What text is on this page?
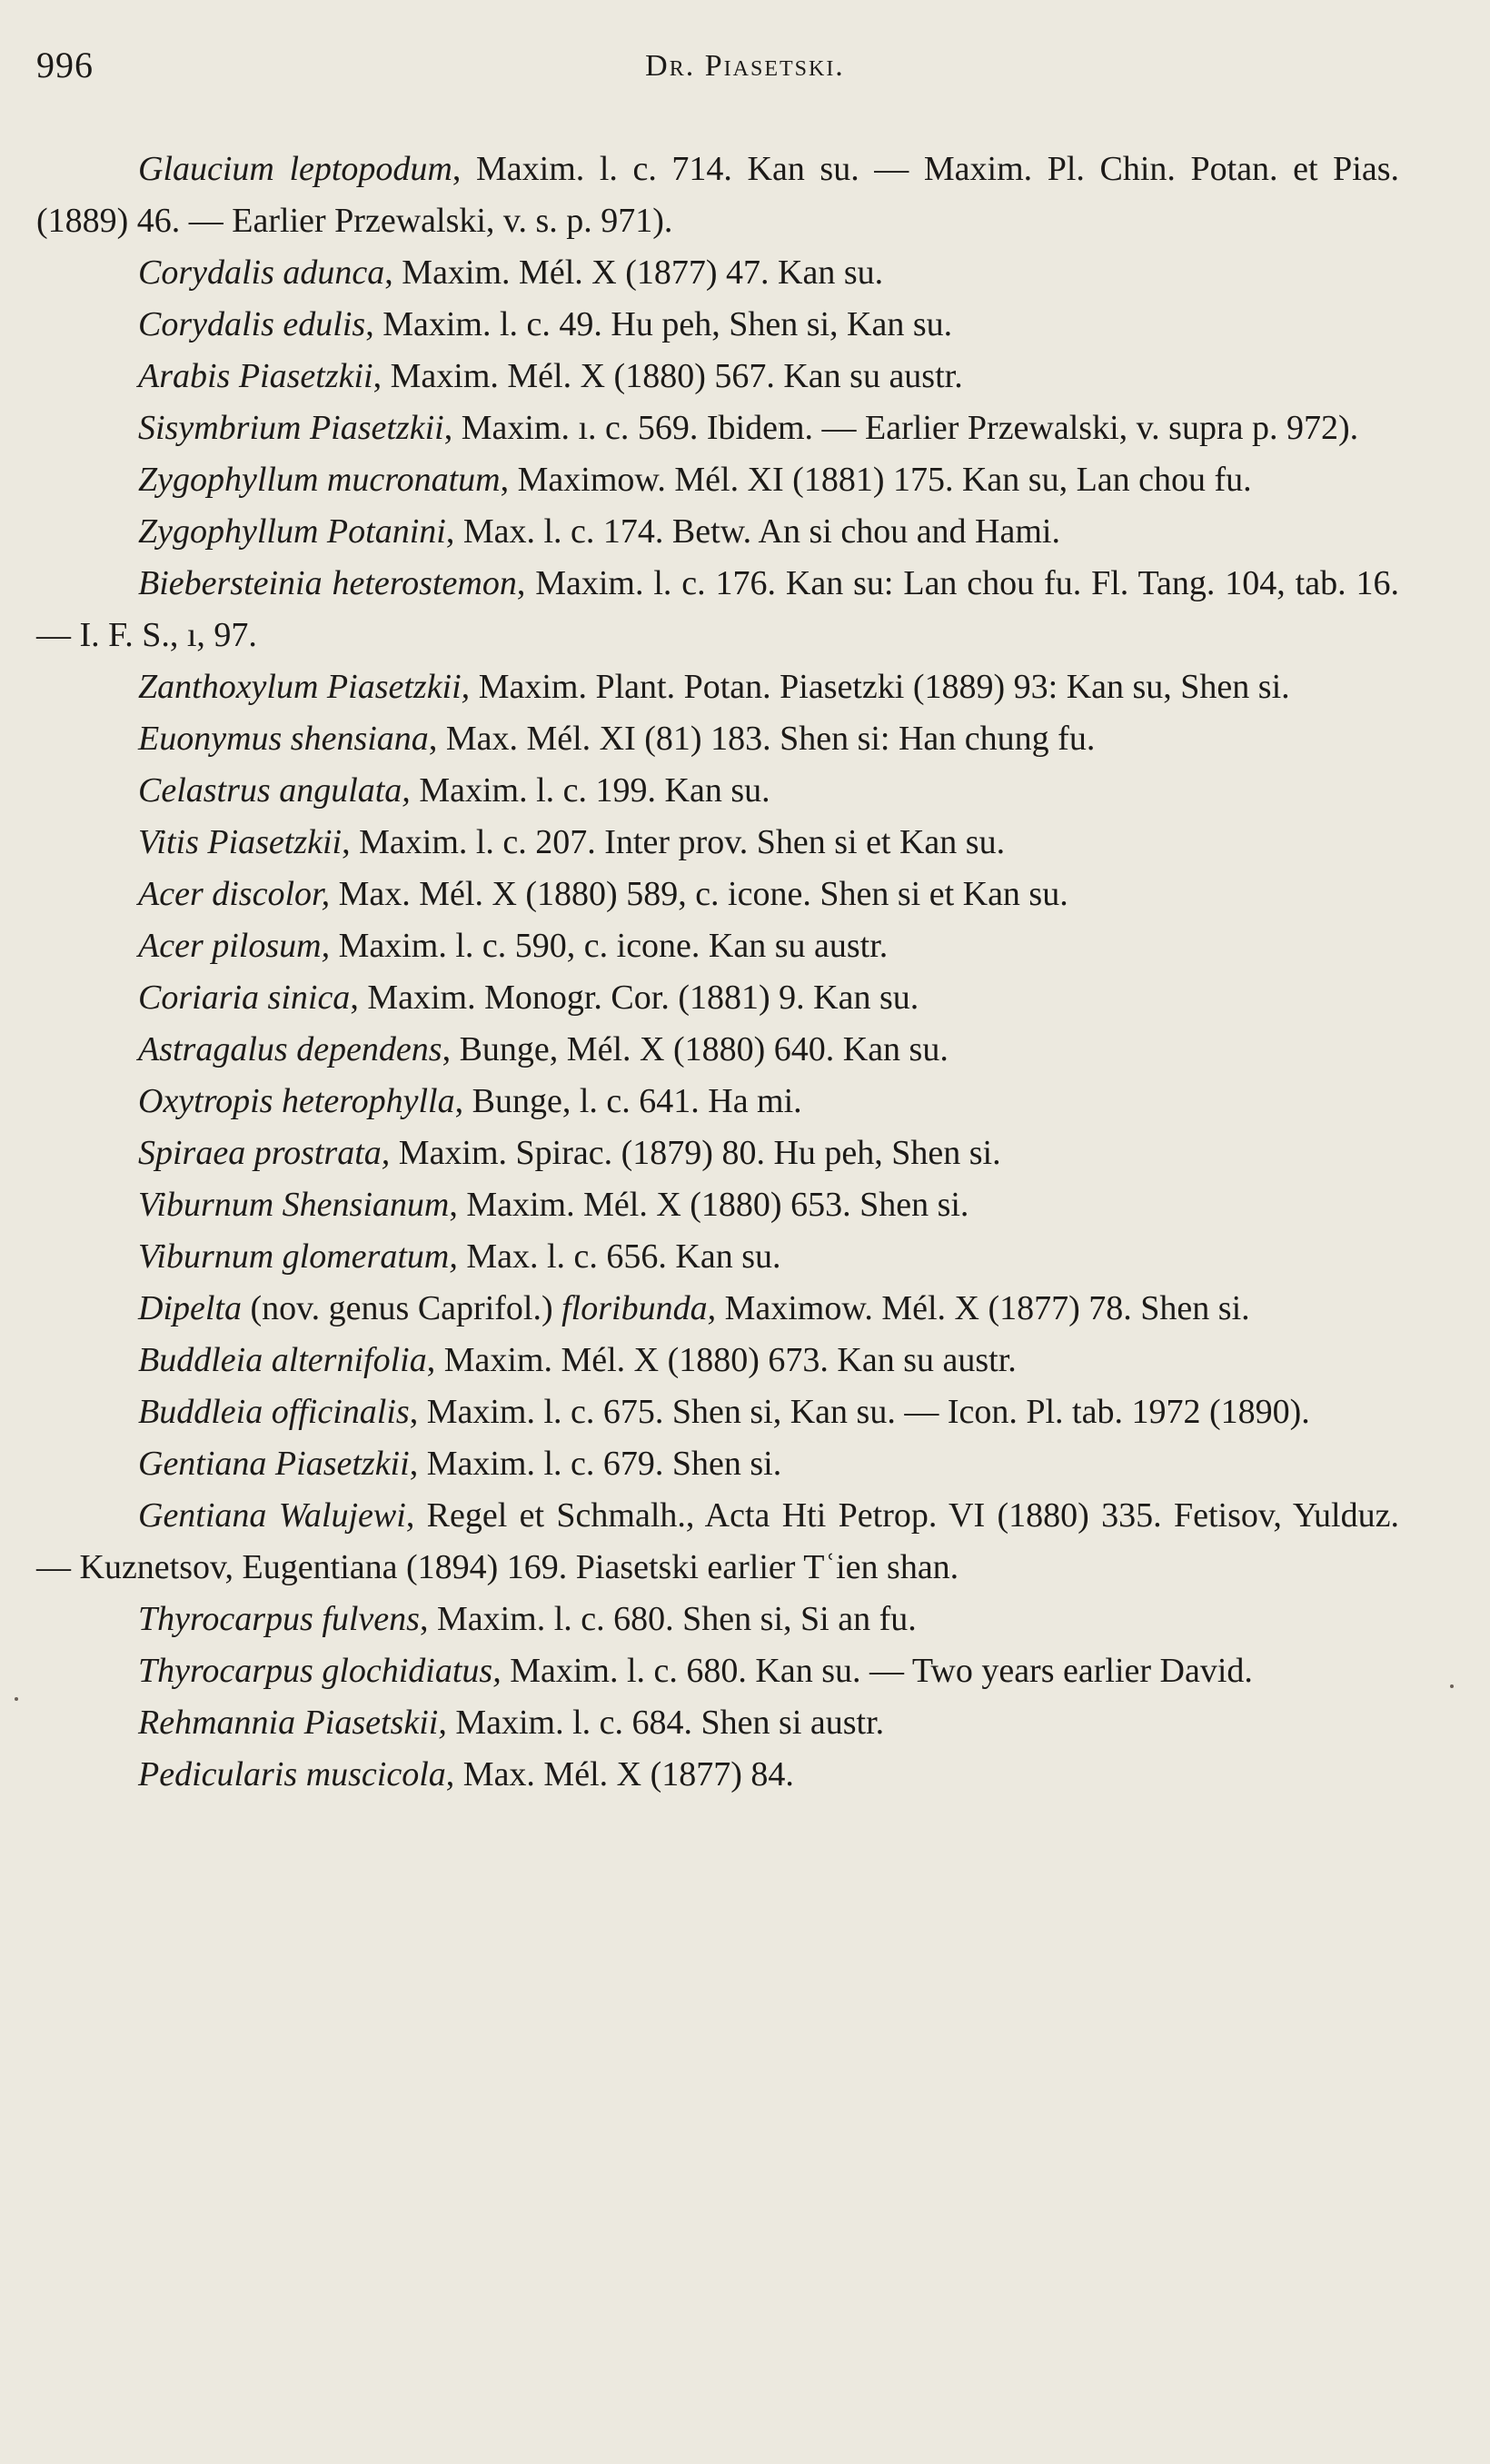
996	Dr. Piasetski.
Glaucium leptopodum, Maxim. l. c. 714. Kan su. — Maxim. Pl. Chin. Potan. et Pias. (1889) 46. — Earlier Przewalski, v. s. p. 971).
Corydalis adunca, Maxim. Mél. X (1877) 47. Kan su.
Corydalis edulis, Maxim. l. c. 49. Hu peh, Shen si, Kan su.
Arabis Piasetzkii, Maxim. Mél. X (1880) 567. Kan su austr.
Sisymbrium Piasetzkii, Maxim. ı. c. 569. Ibidem. — Earlier Przewalski, v. supra p. 972).
Zygophyllum mucronatum, Maximow. Mél. XI (1881) 175. Kan su, Lan chou fu.
Zygophyllum Potanini, Max. l. c. 174. Betw. An si chou and Hami.
Biebersteinia heterostemon, Maxim. l. c. 176. Kan su: Lan chou fu. Fl. Tang. 104, tab. 16. — I. F. S., ı, 97.
Zanthoxylum Piasetzkii, Maxim. Plant. Potan. Piasetzki (1889) 93: Kan su, Shen si.
Euonymus shensiana, Max. Mél. XI (81) 183. Shen si: Han chung fu.
Celastrus angulata, Maxim. l. c. 199. Kan su.
Vitis Piasetzkii, Maxim. l. c. 207. Inter prov. Shen si et Kan su.
Acer discolor, Max. Mél. X (1880) 589, c. icone. Shen si et Kan su.
Acer pilosum, Maxim. l. c. 590, c. icone. Kan su austr.
Coriaria sinica, Maxim. Monogr. Cor. (1881) 9. Kan su.
Astragalus dependens, Bunge, Mél. X (1880) 640. Kan su.
Oxytropis heterophylla, Bunge, l. c. 641. Ha mi.
Spiraea prostrata, Maxim. Spirac. (1879) 80. Hu peh, Shen si.
Viburnum Shensianum, Maxim. Mél. X (1880) 653. Shen si.
Viburnum glomeratum, Max. l. c. 656. Kan su.
Dipelta (nov. genus Caprifol.) floribunda, Maximow. Mél. X (1877) 78. Shen si.
Buddleia alternifolia, Maxim. Mél. X (1880) 673. Kan su austr.
Buddleia officinalis, Maxim. l. c. 675. Shen si, Kan su. — Icon. Pl. tab. 1972 (1890).
Gentiana Piasetzkii, Maxim. l. c. 679. Shen si.
Gentiana Walujewi, Regel et Schmalh., Acta Hti Petrop. VI (1880) 335. Fetisov, Yulduz. — Kuznetsov, Eugentiana (1894) 169. Piasetski earlier Tʿien shan.
Thyrocarpus fulvens, Maxim. l. c. 680. Shen si, Si an fu.
Thyrocarpus glochidiatus, Maxim. l. c. 680. Kan su. — Two years earlier David.
Rehmannia Piasetskii, Maxim. l. c. 684. Shen si austr.
Pedicularis muscicola, Max. Mél. X (1877) 84.
